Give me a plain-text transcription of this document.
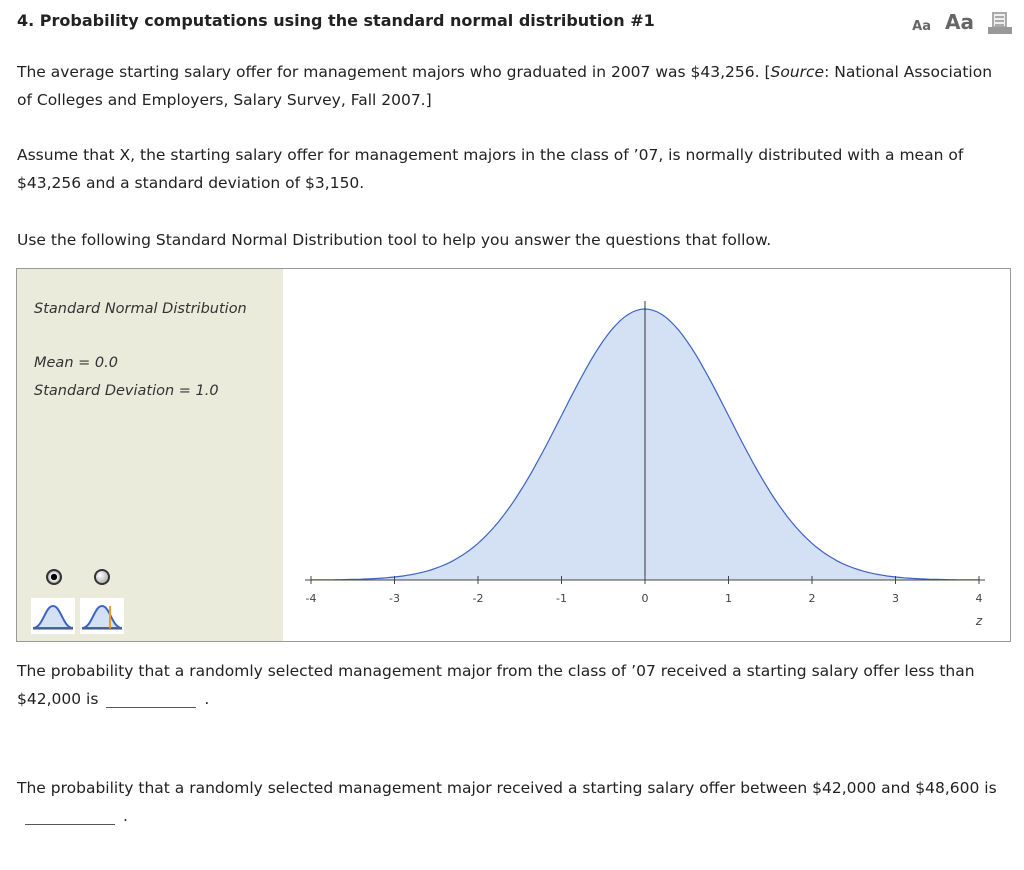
4. Probability computations using the standard normal distribution #1	Aa Aa

The average starting salary offer for management majors who graduated in 2007 was $43,256. [Source: National Association of Colleges and Employers, Salary Survey, Fall 2007.]

Assume that X, the starting salary offer for management majors in the class of ’07, is normally distributed with a mean of $43,256 and a standard deviation of $3,150.

Use the following Standard Normal Distribution tool to help you answer the questions that follow.

Standard Normal Distribution
Mean = 0.0
Standard Deviation = 1.0
-4	-3	-2	-1	0	1	2	3	4
z

The probability that a randomly selected management major from the class of ’07 received a starting salary offer less than $42,000 is	.

The probability that a randomly selected management major received a starting salary offer between $42,000 and $48,600 is.
